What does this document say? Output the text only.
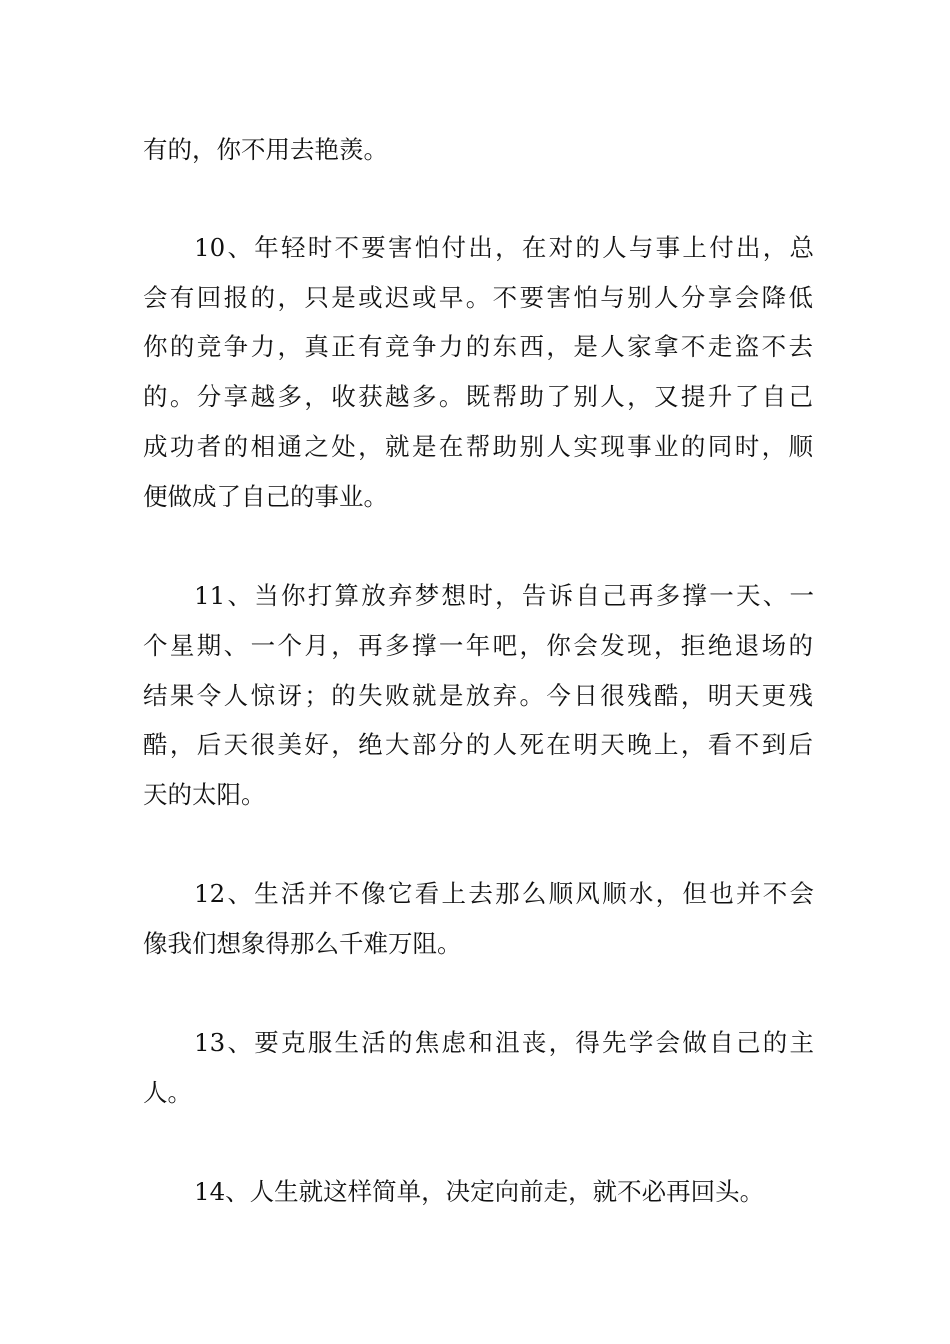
有的，你不用去艳羡。
10、年轻时不要害怕付出，在对的人与事上付出，总
会有回报的，只是或迟或早。不要害怕与别人分享会降低
你的竞争力，真正有竞争力的东西，是人家拿不走盗不去
的。分享越多，收获越多。既帮助了别人，又提升了自己
成功者的相通之处，就是在帮助别人实现事业的同时，顺
便做成了自己的事业。
11、当你打算放弃梦想时，告诉自己再多撑一天、一
个星期、一个月，再多撑一年吧，你会发现，拒绝退场的
结果令人惊讶；的失败就是放弃。今日很残酷，明天更残
酷，后天很美好，绝大部分的人死在明天晚上，看不到后
天的太阳。
12、生活并不像它看上去那么顺风顺水，但也并不会
像我们想象得那么千难万阻。
13、要克服生活的焦虑和沮丧，得先学会做自己的主
人。
14、人生就这样简单，决定向前走，就不必再回头。
